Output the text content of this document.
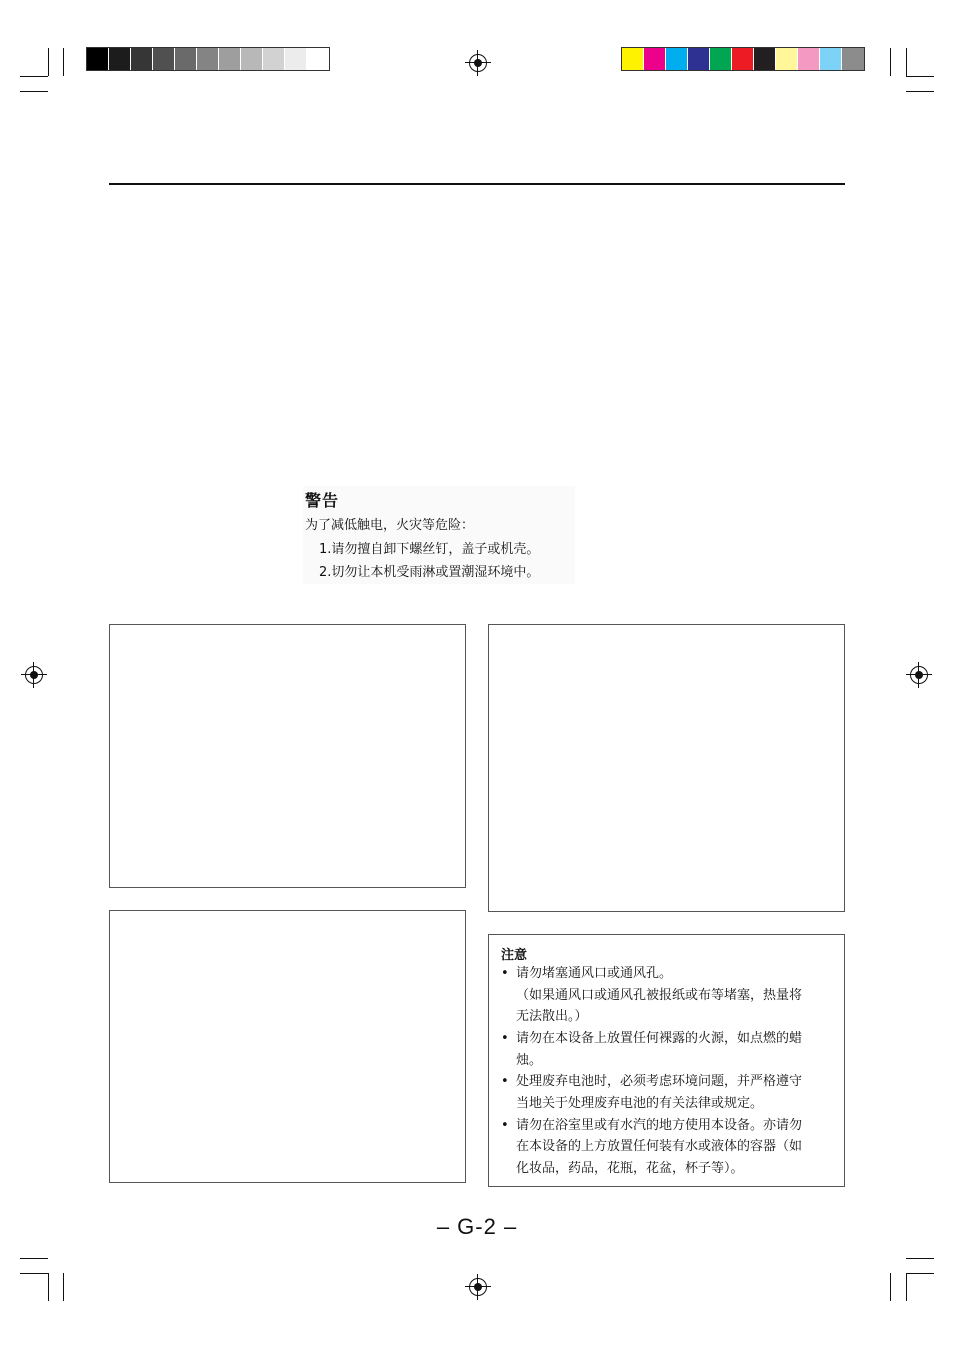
警告
为了减低触电，火灾等危险：
1.请勿擅自卸下螺丝钉，盖子或机壳。
2.切勿让本机受雨淋或置潮湿环境中。
注意
• 请勿堵塞通风口或通风孔。
（如果通风口或通风孔被报纸或布等堵塞，热量将
无法散出。）
• 请勿在本设备上放置任何裸露的火源，如点燃的蜡
烛。
• 处理废弃电池时，必须考虑环境问题，并严格遵守
当地关于处理废弃电池的有关法律或规定。
• 请勿在浴室里或有水汽的地方使用本设备。亦请勿
在本设备的上方放置任何装有水或液体的容器（如
化妆品，药品，花瓶，花盆，杯子等）。
– G-2 –
